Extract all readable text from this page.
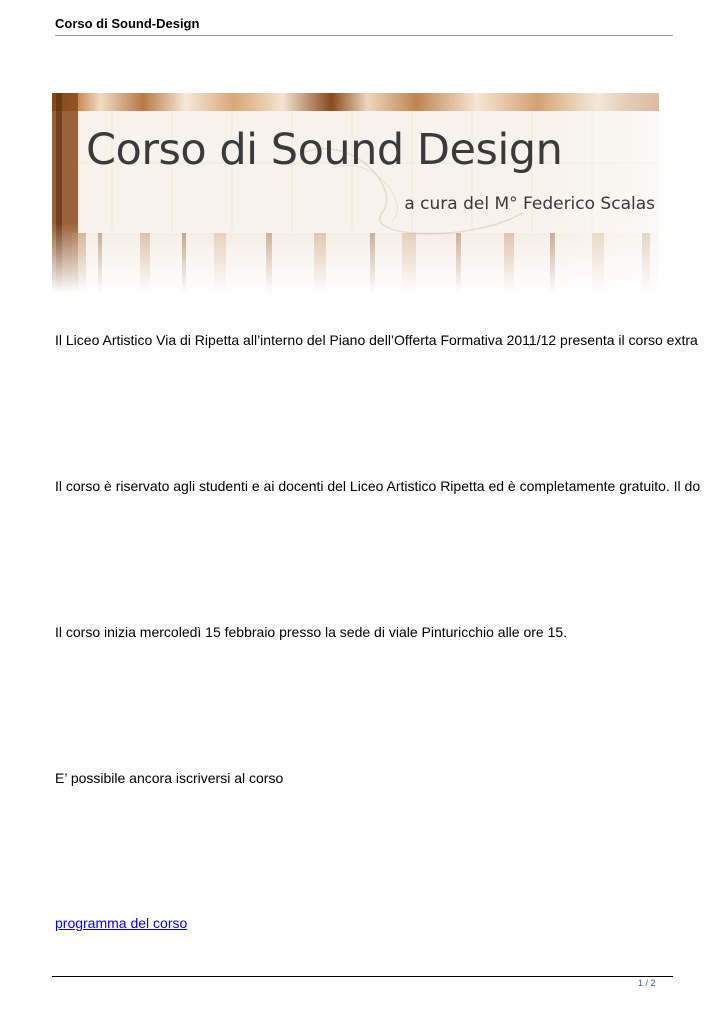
Corso di Sound-Design
Corso di Sound Design
a cura del M° Federico Scalas
Il Liceo Artistico Via di Ripetta all’interno del Piano dell’Offerta Formativa 2011/12 presenta il corso extra
Il corso è riservato agli studenti e ai docenti del Liceo Artistico Ripetta ed è completamente gratuito. Il do
Il corso inizia mercoledì 15 febbraio presso la sede di viale Pinturicchio alle ore 15.
E’ possibile ancora iscriversi al corso
programma del corso
1 / 2
